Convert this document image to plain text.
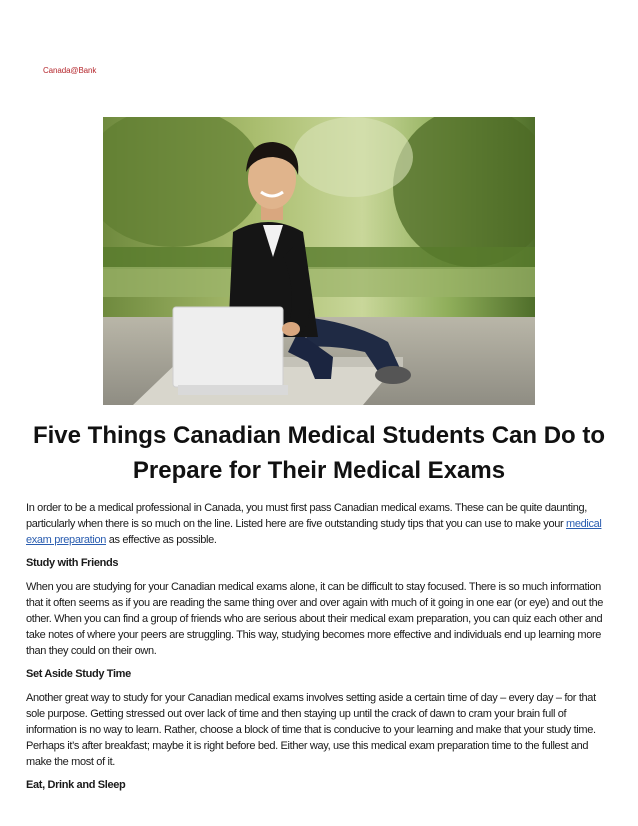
Canada@Bank
Five Things Canadian Medical Students Can Do to Prepare for Their Medical Exams

In order to be a medical professional in Canada, you must first pass Canadian medical exams. These can be quite daunting, particularly when there is so much on the line. Listed here are five outstanding study tips that you can use to make your medical exam preparation as effective as possible.

Study with Friends

When you are studying for your Canadian medical exams alone, it can be difficult to stay focused. There is so much information that it often seems as if you are reading the same thing over and over again with much of it going in one ear (or eye) and out the other. When you can find a group of friends who are serious about their medical exam preparation, you can quiz each other and take notes of where your peers are struggling. This way, studying becomes more effective and individuals end up learning more than they could on their own.

Set Aside Study Time

Another great way to study for your Canadian medical exams involves setting aside a certain time of day – every day – for that sole purpose. Getting stressed out over lack of time and then staying up until the crack of dawn to cram your brain full of information is no way to learn. Rather, choose a block of time that is conducive to your learning and make that your study time. Perhaps it’s after breakfast; maybe it is right before bed. Either way, use this medical exam preparation time to the fullest and make the most of it.

Eat, Drink and Sleep
